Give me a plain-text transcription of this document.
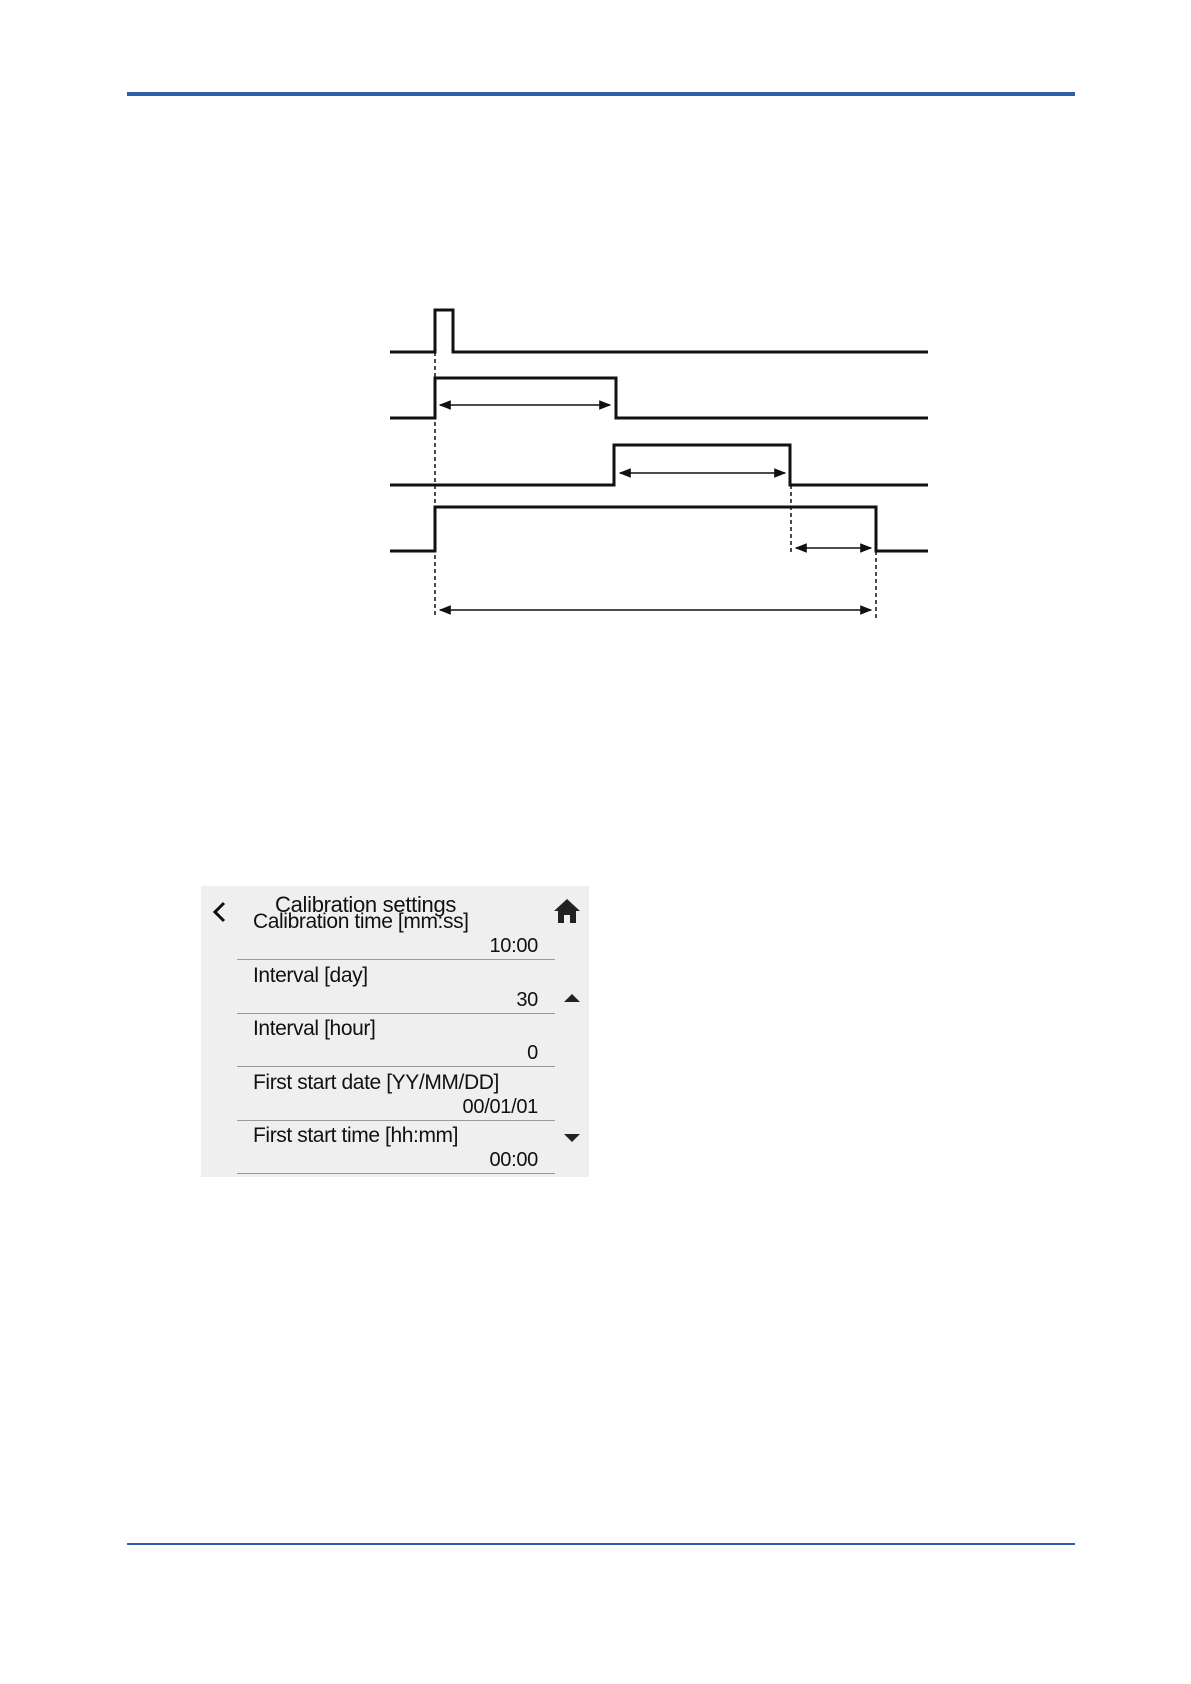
Calibration settings
Calibration time [mm:ss]
10:00
Interval [day]
30
Interval [hour]
0
First start date [YY/MM/DD]
00/01/01
First start time [hh:mm]
00:00
